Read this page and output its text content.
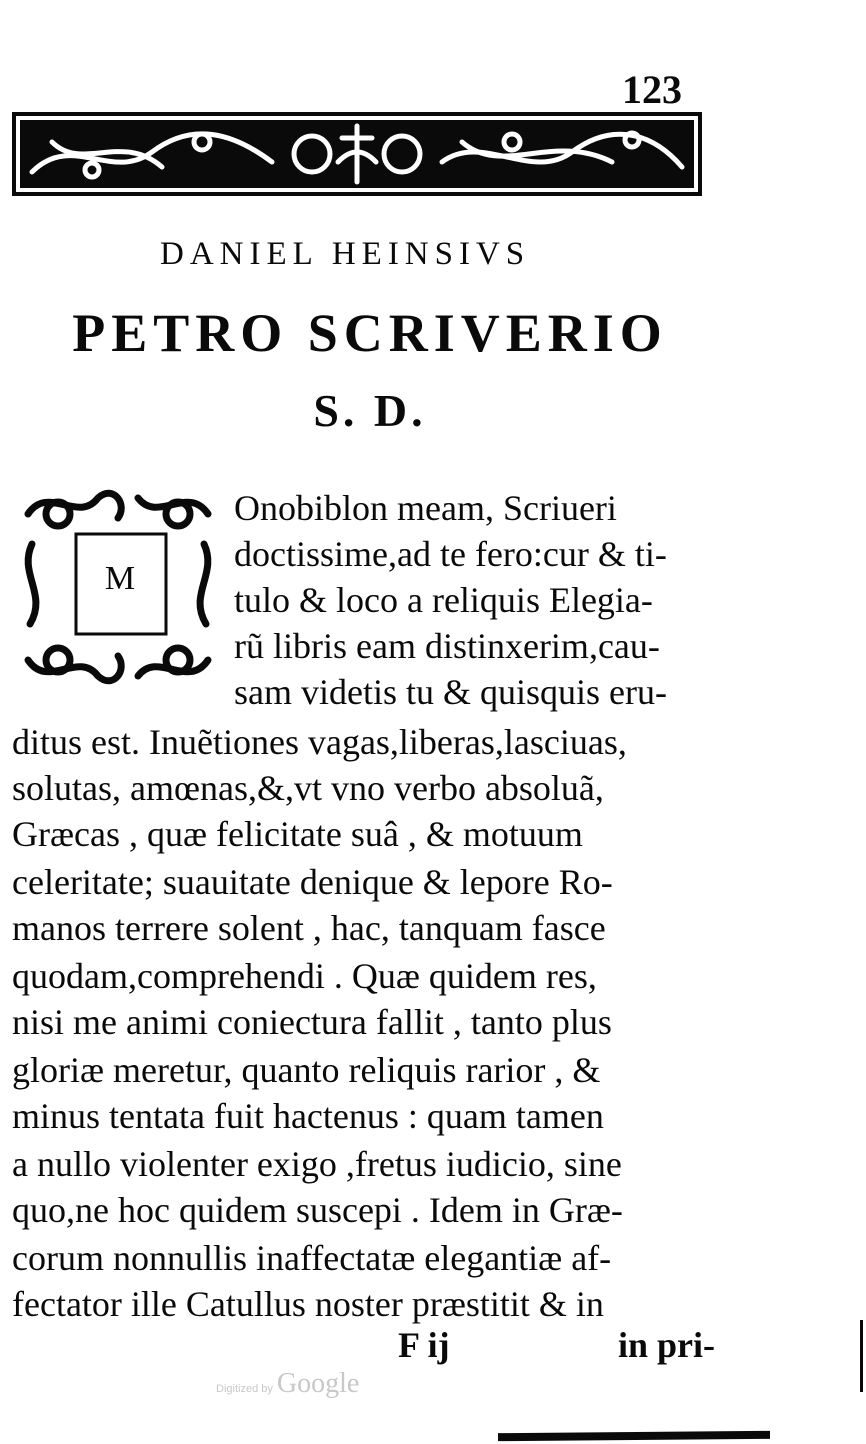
123
DANIEL HEINSIVS
PETRO SCRIVERIO
S. D.
M
Onobiblon meam, Scriueri
doctissime,ad te fero:cur & ti-
tulo & loco a reliquis Elegia-
rũ libris eam distinxerim,cau-
sam videtis tu & quisquis eru-
ditus est. Inuẽtiones vagas,liberas,lasciuas,
solutas, amœnas,&,vt vno verbo absoluã,
Græcas , quæ felicitate suâ , & motuum
celeritate; suauitate denique & lepore Ro-
manos terrere solent , hac, tanquam fasce
quodam,comprehendi . Quæ quidem res,
nisi me animi coniectura fallit , tanto plus
gloriæ meretur, quanto reliquis rarior , &
minus tentata fuit hactenus : quam tamen
a nullo violenter exigo ,fretus iudicio, sine
quo,ne hoc quidem suscepi . Idem in Græ-
corum nonnullis inaffectatæ elegantiæ af-
fectator ille Catullus noster præstitit & in
F ij	in pri-
Digitized by Google
